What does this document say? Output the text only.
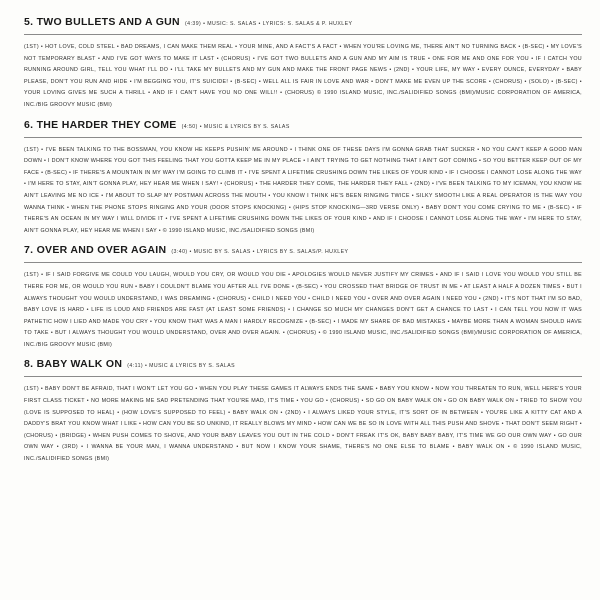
5. TWO BULLETS AND A GUN (4:39) • MUSIC: S. SALAS • LYRICS: S. SALAS & P. HUXLEY

(1ST) • HOT LOVE, COLD STEEL • BAD DREAMS, I CAN MAKE THEM REAL • YOUR MINE, AND A FACT'S A FACT • WHEN YOU'RE LOVING ME, THERE AIN'T NO TURNING BACK • (B-SEC) • MY LOVE'S NOT TEMPORARY BLAST • AND I'VE GOT WAYS TO MAKE IT LAST • (CHORUS) • I'VE GOT TWO BULLETS AND A GUN AND MY AIM IS TRUE • ONE FOR ME AND ONE FOR YOU • IF I CATCH YOU RUNNING AROUND GIRL, TELL YOU WHAT I'LL DO • I'LL TAKE MY BULLETS AND MY GUN AND MAKE THE FRONT PAGE NEWS • (2ND) • YOUR LIFE, MY WAY • EVERY OUNCE, EVERYDAY • BABY PLEASE, DON'T YOU RUN AND HIDE • I'M BEGGING YOU, IT'S SUICIDE! • (B-SEC) • WELL ALL IS FAIR IN LOVE AND WAR • DON'T MAKE ME EVEN UP THE SCORE • (CHORUS) • (SOLO) • (B-SEC) • YOUR LOVING GIVES ME SUCH A THRILL • AND IF I CAN'T HAVE YOU NO ONE WILL!! • (CHORUS) © 1990 ISLAND MUSIC, INC./SALIDIFIED SONGS (BMI)/MUSIC CORPORATION OF AMERICA, INC./BIG GROOVY MUSIC (BMI)

6. THE HARDER THEY COME (4:50) • MUSIC & LYRICS BY S. SALAS

(1ST) • I'VE BEEN TALKING TO THE BOSSMAN, YOU KNOW HE KEEPS PUSHIN' ME AROUND • I THINK ONE OF THESE DAYS I'M GONNA GRAB THAT SUCKER • NO YOU CAN'T KEEP A GOOD MAN DOWN • I DON'T KNOW WHERE YOU GOT THIS FEELING THAT YOU GOTTA KEEP ME IN MY PLACE • I AIN'T TRYING TO GET NOTHING THAT I AIN'T GOT COMING • SO YOU BETTER KEEP OUT OF MY FACE • (B-SEC) • IF THERE'S A MOUNTAIN IN MY WAY I'M GOING TO CLIMB IT • I'VE SPENT A LIFETIME CRUSHING DOWN THE LIKES OF YOUR KIND • IF I CHOOSE I CANNOT LOSE ALONG THE WAY • I'M HERE TO STAY, AIN'T GONNA PLAY, HEY HEAR ME WHEN I SAY! • (CHORUS) • THE HARDER THEY COME, THE HARDER THEY FALL • (2ND) • I'VE BEEN TALKING TO MY ICEMAN, YOU KNOW HE AIN'T LEAVING ME NO ICE • I'M ABOUT TO SLAP MY POSTMAN ACROSS THE MOUTH • YOU KNOW I THINK HE'S BEEN RINGING TWICE • SILKY SMOOTH LIKE A REAL OPERATOR IS THE WAY YOU WANNA THINK • WHEN THE PHONE STOPS RINGING AND YOUR (DOOR STOPS KNOCKING) • (HIPS STOP KNOCKING—3RD VERSE ONLY) • BABY DON'T YOU COME CRYING TO ME • (B-SEC) • IF THERE'S AN OCEAN IN MY WAY I WILL DIVIDE IT • I'VE SPENT A LIFETIME CRUSHING DOWN THE LIKES OF YOUR KIND • AND IF I CHOOSE I CANNOT LOSE ALONG THE WAY • I'M HERE TO STAY, AIN'T GONNA PLAY, HEY HEAR ME WHEN I SAY • © 1990 ISLAND MUSIC, INC./SALIDIFIED SONGS (BMI)

7. OVER AND OVER AGAIN (3:40) • MUSIC BY S. SALAS • LYRICS BY S. SALAS/P. HUXLEY

(1ST) • IF I SAID FORGIVE ME COULD YOU LAUGH, WOULD YOU CRY, OR WOULD YOU DIE • APOLOGIES WOULD NEVER JUSTIFY MY CRIMES • AND IF I SAID I LOVE YOU WOULD YOU STILL BE THERE FOR ME, OR WOULD YOU RUN • BABY I COULDN'T BLAME YOU AFTER ALL I'VE DONE • (B-SEC) • YOU CROSSED THAT BRIDGE OF TRUST IN ME • AT LEAST A HALF A DOZEN TIMES • BUT I ALWAYS THOUGHT YOU WOULD UNDERSTAND, I WAS DREAMING • (CHORUS) • CHILD I NEED YOU • CHILD I NEED YOU • OVER AND OVER AGAIN I NEED YOU • (2ND) • IT'S NOT THAT I'M SO BAD, BABY LOVE IS HARD • LIFE IS LOUD AND FRIENDS ARE FAST (AT LEAST SOME FRIENDS) • I CHANGE SO MUCH MY CHANGES DON'T GET A CHANCE TO LAST • I CAN TELL YOU NOW IT WAS PATHETIC HOW I LIED AND MADE YOU CRY • YOU KNOW THAT WAS A MAN I HARDLY RECOGNIZE • (B-SEC) • I MADE MY SHARE OF BAD MISTAKES • MAYBE MORE THAN A WOMAN SHOULD HAVE TO TAKE • BUT I ALWAYS THOUGHT YOU WOULD UNDERSTAND, OVER AND OVER AGAIN. • (CHORUS) • © 1990 ISLAND MUSIC, INC./SALIDIFIED SONGS (BMI)/MUSIC CORPORATION OF AMERICA, INC./BIG GROOVY MUSIC (BMI)

8. BABY WALK ON (4:11) • MUSIC & LYRICS BY S. SALAS

(1ST) • BABY DON'T BE AFRAID, THAT I WON'T LET YOU GO • WHEN YOU PLAY THESE GAMES IT ALWAYS ENDS THE SAME • BABY YOU KNOW • NOW YOU THREATEN TO RUN, WELL HERE'S YOUR FIRST CLASS TICKET • NO MORE MAKING ME SAD PRETENDING THAT YOU'RE MAD, IT'S TIME • YOU GO • (CHORUS) • SO GO ON BABY WALK ON • GO ON BABY WALK ON • TRIED TO SHOW YOU (LOVE IS SUPPOSED TO HEAL) • (HOW LOVE'S SUPPOSED TO FEEL) • BABY WALK ON • (2ND) • I ALWAYS LIKED YOUR STYLE, IT'S SORT OF IN BETWEEN • YOU'RE LIKE A KITTY CAT AND A DADDY'S BRAT YOU KNOW WHAT I LIKE • HOW CAN YOU BE SO UNKIND, IT REALLY BLOWS MY MIND • HOW CAN WE BE SO IN LOVE WITH ALL THIS PUSH AND SHOVE • THAT DON'T SEEM RIGHT • (CHORUS) • (BRIDGE) • WHEN PUSH COMES TO SHOVE, AND YOUR BABY LEAVES YOU OUT IN THE COLD • DON'T FREAK IT'S OK, BABY BABY BABY, IT'S TIME WE GO OUR OWN WAY • GO OUR OWN WAY • (3RD) • I WANNA BE YOUR MAN, I WANNA UNDERSTAND • BUT NOW I KNOW YOUR SHAME, THERE'S NO ONE ELSE TO BLAME • BABY WALK ON • © 1990 ISLAND MUSIC, INC./SALIDIFIED SONGS (BMI)
